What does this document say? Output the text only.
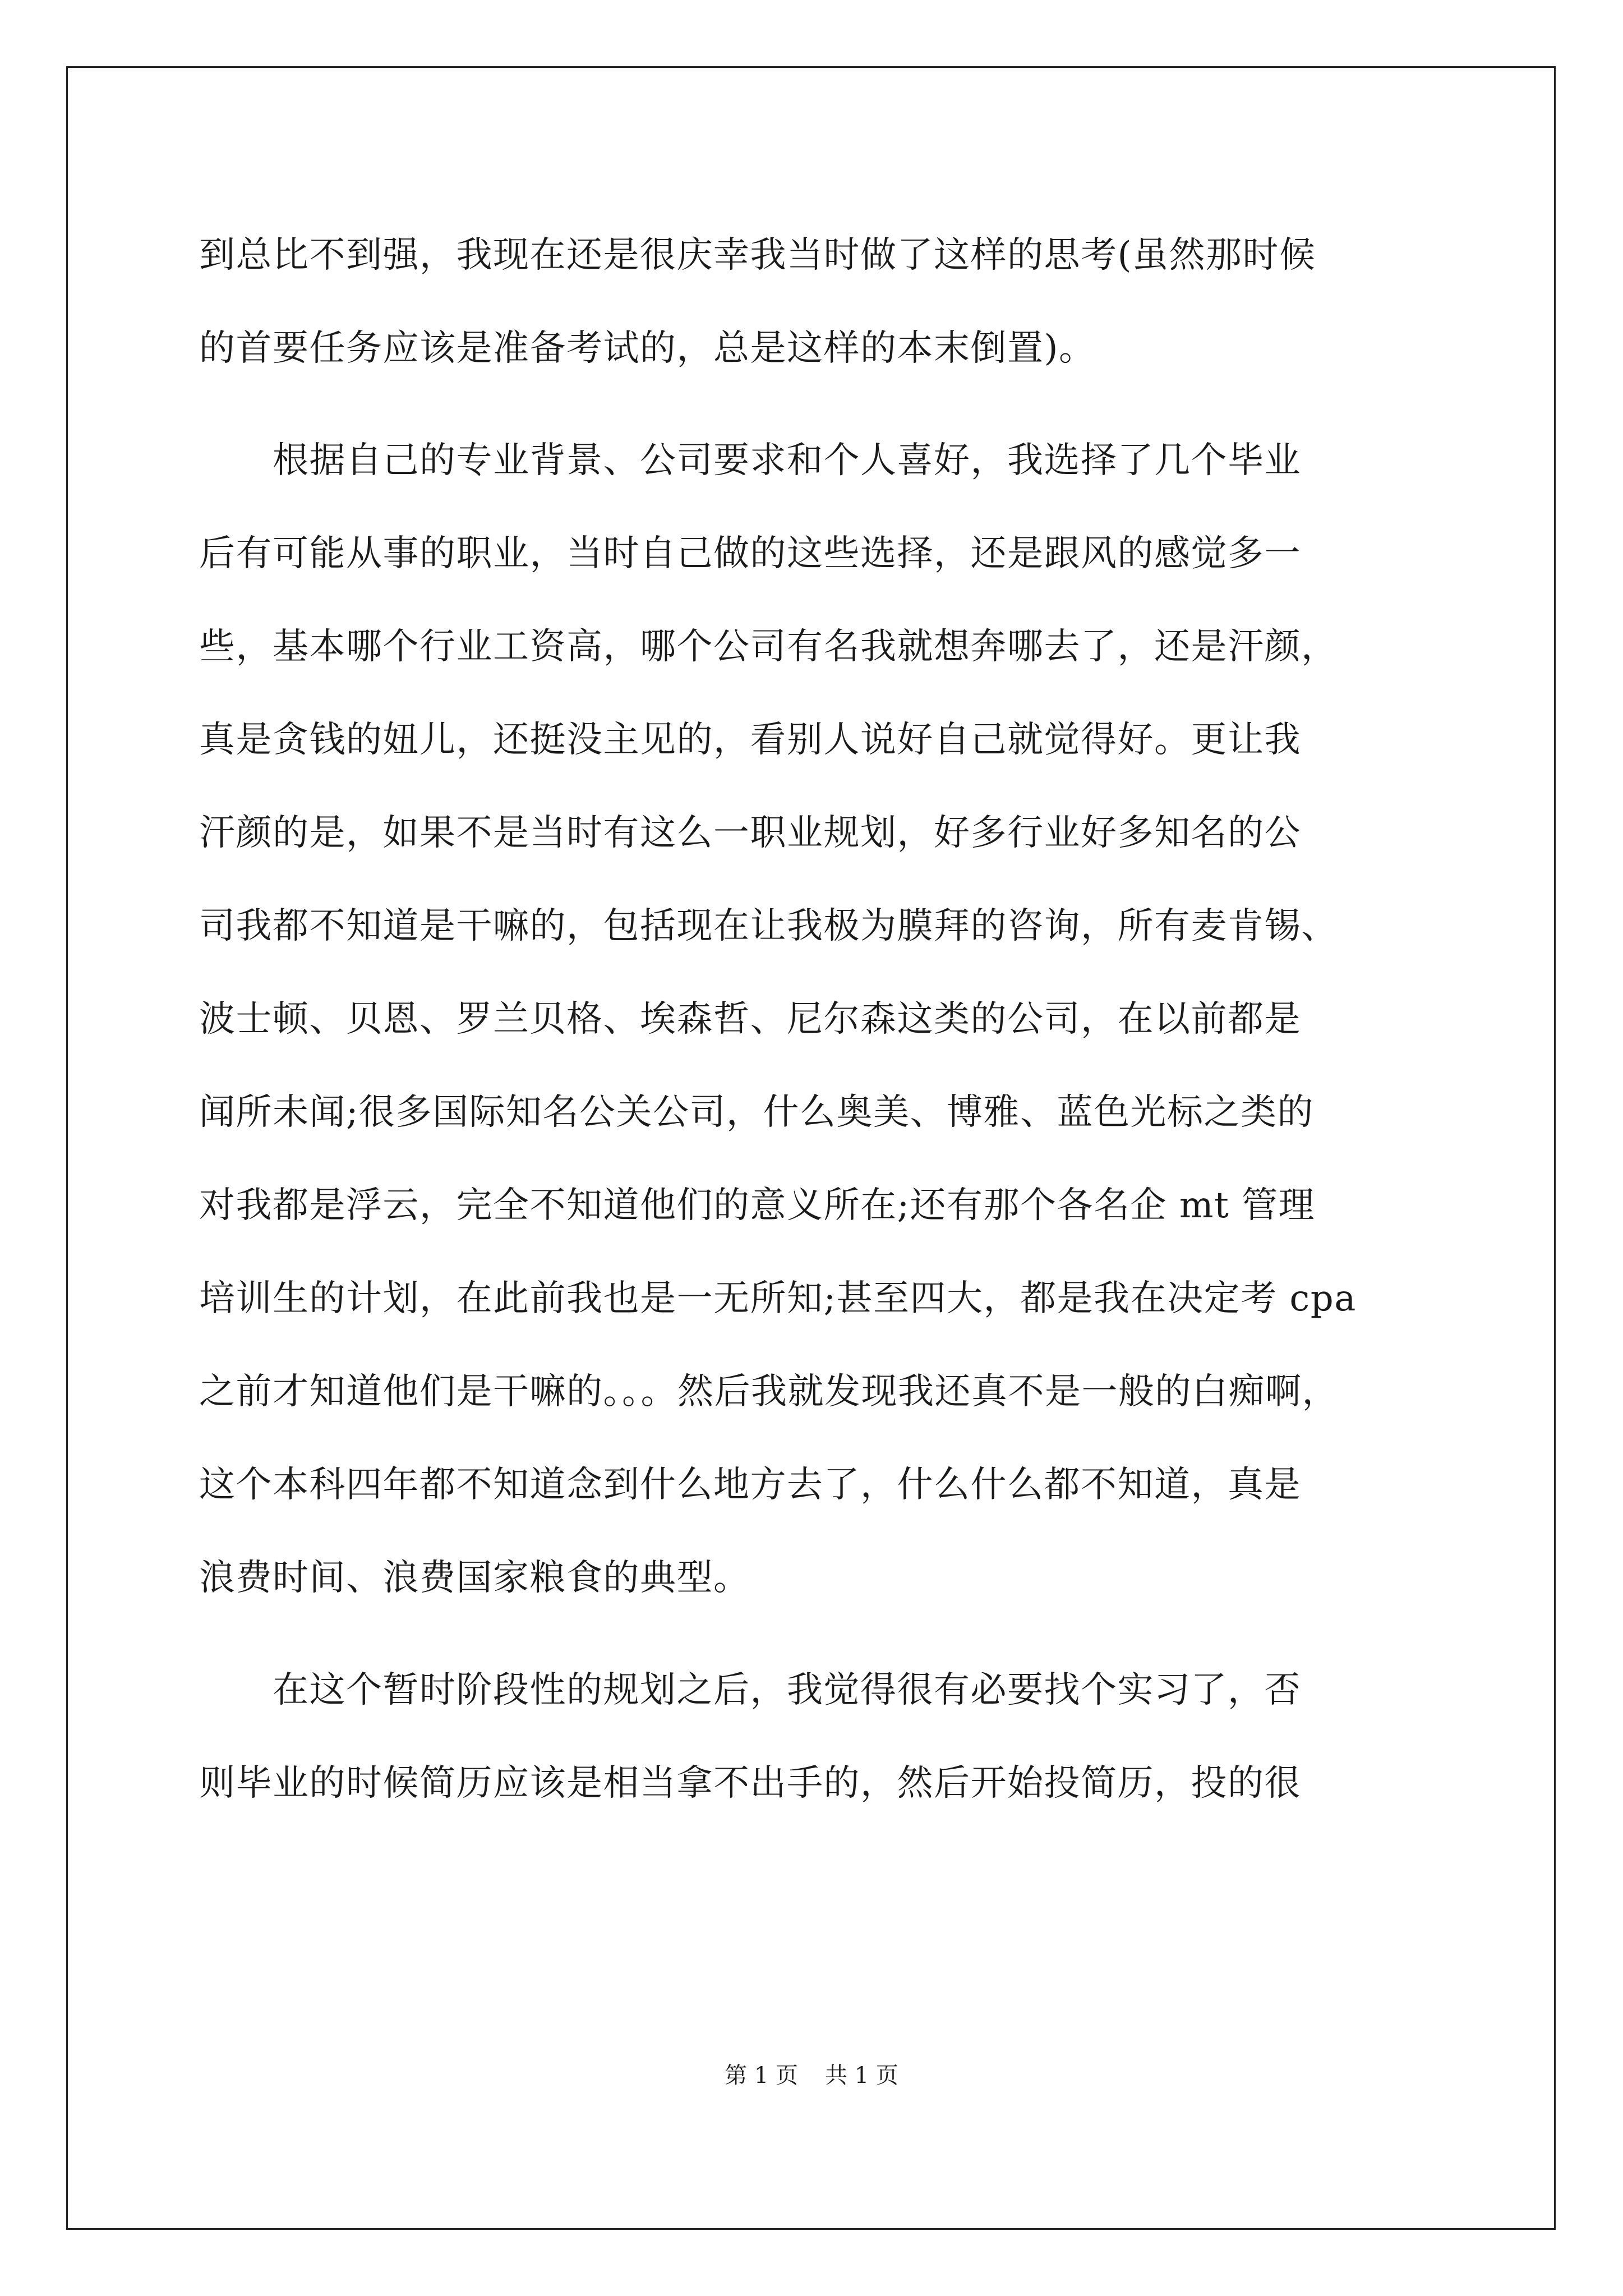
到总比不到强，我现在还是很庆幸我当时做了这样的思考(虽然那时候
的首要任务应该是准备考试的，总是这样的本末倒置)。
　　根据自己的专业背景、公司要求和个人喜好，我选择了几个毕业
后有可能从事的职业，当时自己做的这些选择，还是跟风的感觉多一
些，基本哪个行业工资高，哪个公司有名我就想奔哪去了，还是汗颜，
真是贪钱的妞儿，还挺没主见的，看别人说好自己就觉得好。更让我
汗颜的是，如果不是当时有这么一职业规划，好多行业好多知名的公
司我都不知道是干嘛的，包括现在让我极为膜拜的咨询，所有麦肯锡、
波士顿、贝恩、罗兰贝格、埃森哲、尼尔森这类的公司，在以前都是
闻所未闻;很多国际知名公关公司，什么奥美、博雅、蓝色光标之类的
对我都是浮云，完全不知道他们的意义所在;还有那个各名企 mt 管理
培训生的计划，在此前我也是一无所知;甚至四大，都是我在决定考 cpa
之前才知道他们是干嘛的。。。然后我就发现我还真不是一般的白痴啊，
这个本科四年都不知道念到什么地方去了，什么什么都不知道，真是
浪费时间、浪费国家粮食的典型。
　　在这个暂时阶段性的规划之后，我觉得很有必要找个实习了，否
则毕业的时候简历应该是相当拿不出手的，然后开始投简历，投的很
第 1 页 共 1 页
